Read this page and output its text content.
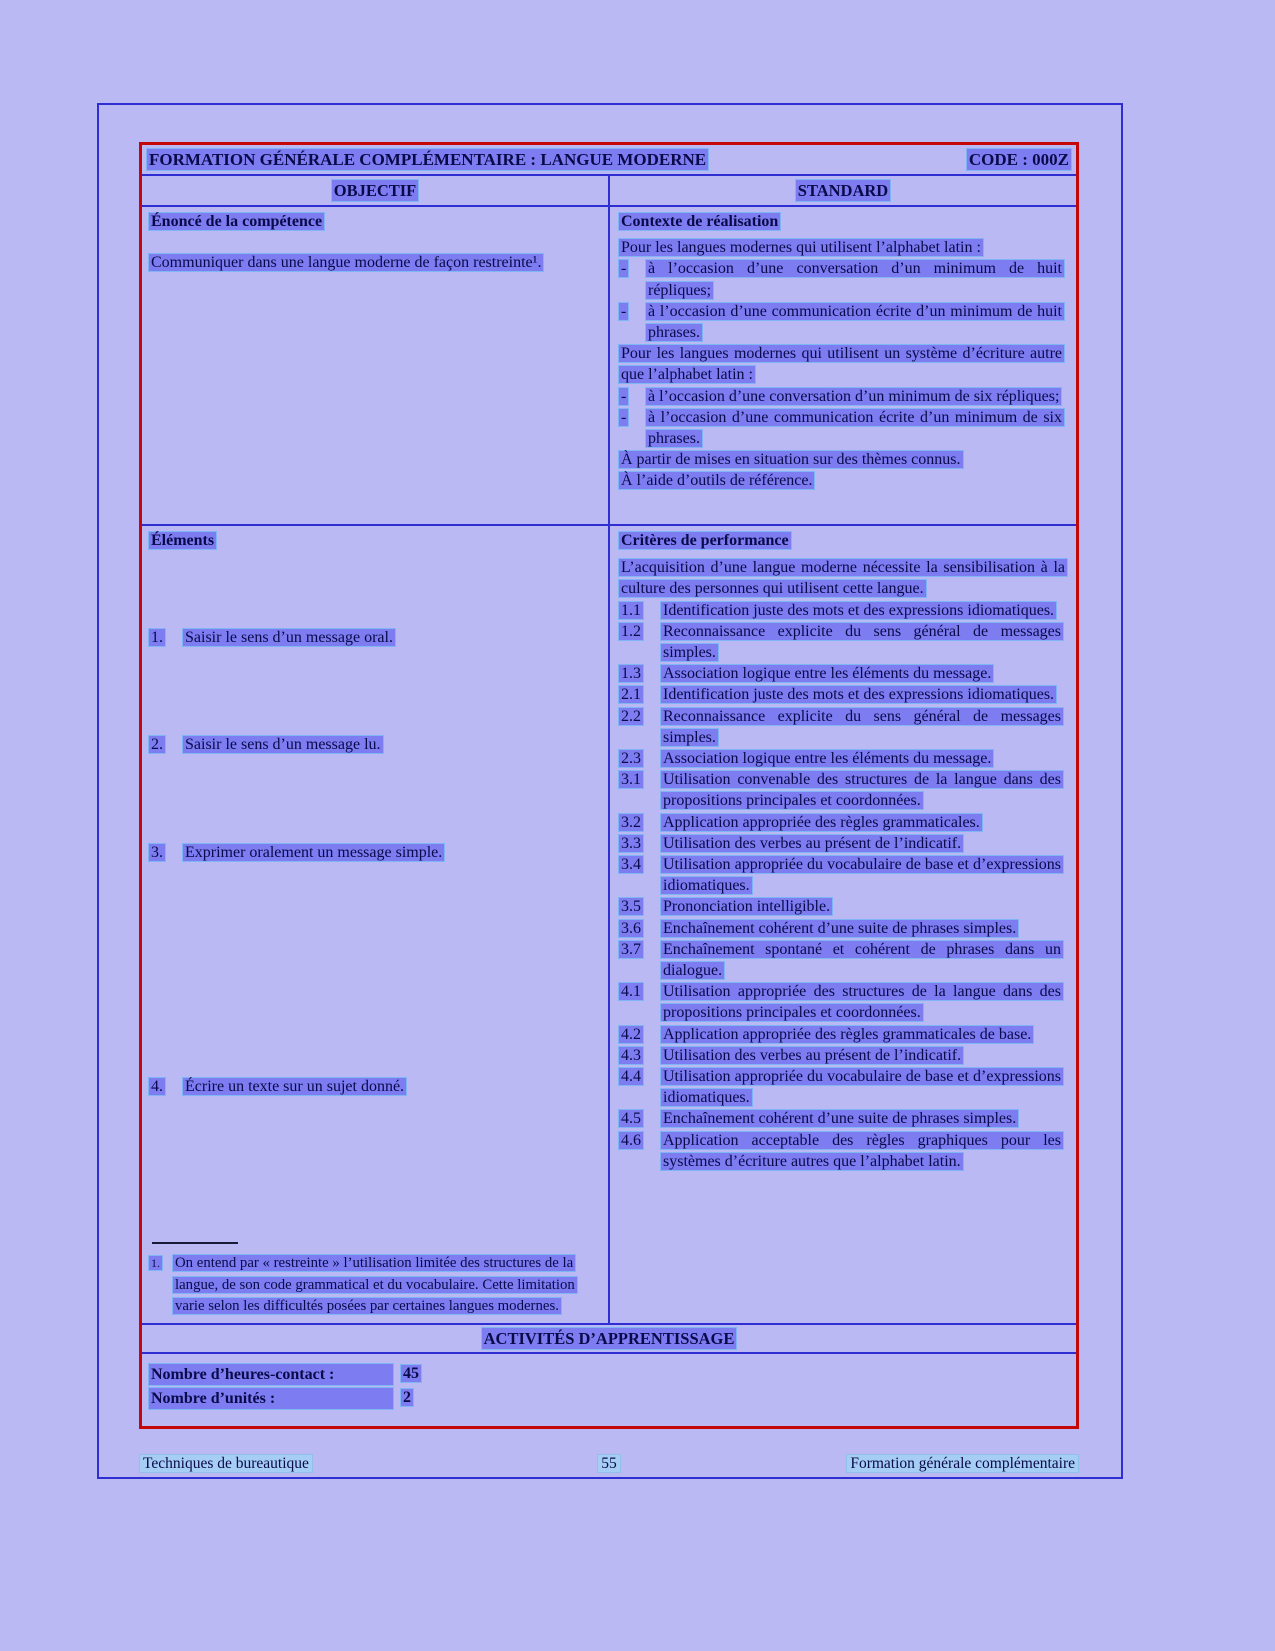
FORMATION GÉNÉRALE COMPLÉMENTAIRE : LANGUE MODERNE	CODE : 000Z
OBJECTIF	STANDARD

Énoncé de la compétence

Communiquer dans une langue moderne de façon restreinte¹.

Contexte de réalisation

Pour les langues modernes qui utilisent l’alphabet latin :

-	à l’occasion d’une conversation d’un minimum de huit répliques;
-	à l’occasion d’une communication écrite d’un minimum de huit phrases.

Pour les langues modernes qui utilisent un système d’écriture autre que l’alphabet latin :

-	à l’occasion d’une conversation d’un minimum de six répliques;
-	à l’occasion d’une communication écrite d’un minimum de six phrases.

À partir de mises en situation sur des thèmes connus.

À l’aide d’outils de référence.

Éléments

1.	Saisir le sens d’un message oral.
2.	Saisir le sens d’un message lu.
3.	Exprimer oralement un message simple.
4.	Écrire un texte sur un sujet donné.
1.	On entend par « restreinte » l’utilisation limitée des structures de la langue, de son code grammatical et du vocabulaire. Cette limitation varie selon les difficultés posées par certaines langues modernes.

Critères de performance

L’acquisition d’une langue moderne nécessite la sensibilisation à la culture des personnes qui utilisent cette langue.

1.1	Identification juste des mots et des expressions idiomatiques.
1.2	Reconnaissance explicite du sens général de messages simples.
1.3	Association logique entre les éléments du message.
2.1	Identification juste des mots et des expressions idiomatiques.
2.2	Reconnaissance explicite du sens général de messages simples.
2.3	Association logique entre les éléments du message.
3.1	Utilisation convenable des structures de la langue dans des propositions principales et coordonnées.
3.2	Application appropriée des règles grammaticales.
3.3	Utilisation des verbes au présent de l’indicatif.
3.4	Utilisation appropriée du vocabulaire de base et d’expressions idiomatiques.
3.5	Prononciation intelligible.
3.6	Enchaînement cohérent d’une suite de phrases simples.
3.7	Enchaînement spontané et cohérent de phrases dans un dialogue.
4.1	Utilisation appropriée des structures de la langue dans des propositions principales et coordonnées.
4.2	Application appropriée des règles grammaticales de base.
4.3	Utilisation des verbes au présent de l’indicatif.
4.4	Utilisation appropriée du vocabulaire de base et d’expressions idiomatiques.
4.5	Enchaînement cohérent d’une suite de phrases simples.
4.6	Application acceptable des règles graphiques pour les systèmes d’écriture autres que l’alphabet latin.
ACTIVITÉS D’APPRENTISSAGE
Nombre d’heures-contact :	45
Nombre d’unités :	2
Techniques de bureautique	55	Formation générale complémentaire
